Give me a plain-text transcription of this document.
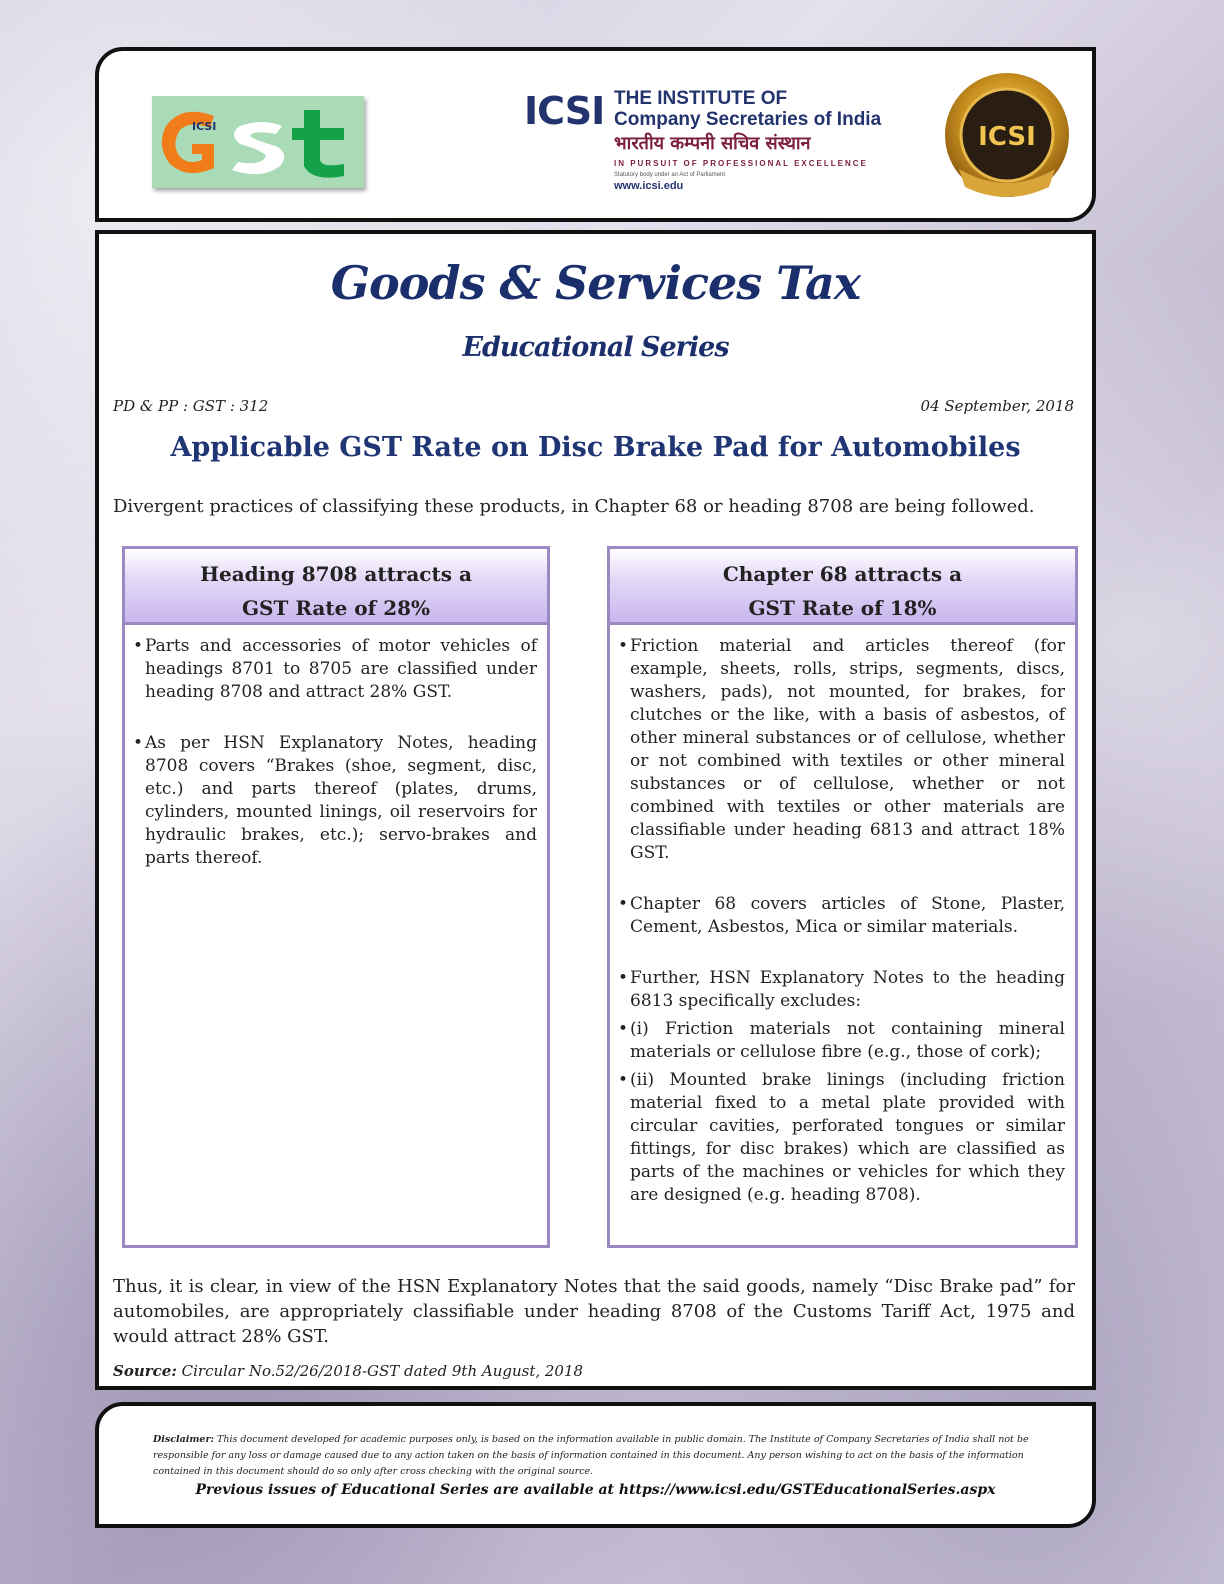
ICSI
GSt
ICSI THE INSTITUTE OF
Company Secretaries of India
भारतीय कम्पनी सचिव संस्थान
IN PURSUIT OF PROFESSIONAL EXCELLENCE
Statutory body under an Act of Parliament
www.icsi.edu
ICSI
Goods & Services Tax
Educational Series
PD & PP : GST : 312	04 September, 2018
Applicable GST Rate on Disc Brake Pad for Automobiles
Divergent practices of classifying these products, in Chapter 68 or heading 8708 are being followed.
Heading 8708 attracts a
GST Rate of 28%
• Parts and accessories of motor vehicles of headings 8701 to 8705 are classified under heading 8708 and attract 28% GST.
• As per HSN Explanatory Notes, heading 8708 covers “Brakes (shoe, segment, disc, etc.) and parts thereof (plates, drums, cylinders, mounted linings, oil reservoirs for hydraulic brakes, etc.); servo-brakes and parts thereof.
Chapter 68 attracts a
GST Rate of 18%
• Friction material and articles thereof (for example, sheets, rolls, strips, segments, discs, washers, pads), not mounted, for brakes, for clutches or the like, with a basis of asbestos, of other mineral substances or of cellulose, whether or not combined with textiles or other mineral substances or of cellulose, whether or not combined with textiles or other materials are classifiable under heading 6813 and attract 18% GST.
• Chapter 68 covers articles of Stone, Plaster, Cement, Asbestos, Mica or similar materials.
• Further, HSN Explanatory Notes to the heading 6813 specifically excludes:
• (i) Friction materials not containing mineral materials or cellulose fibre (e.g., those of cork);
• (ii) Mounted brake linings (including friction material fixed to a metal plate provided with circular cavities, perforated tongues or similar fittings, for disc brakes) which are classified as parts of the machines or vehicles for which they are designed (e.g. heading 8708).
Thus, it is clear, in view of the HSN Explanatory Notes that the said goods, namely “Disc Brake pad” for automobiles, are appropriately classifiable under heading 8708 of the Customs Tariff Act, 1975 and would attract 28% GST.
Source: Circular No.52/26/2018-GST dated 9th August, 2018
Disclaimer: This document developed for academic purposes only, is based on the information available in public domain. The Institute of Company Secretaries of India shall not be responsible for any loss or damage caused due to any action taken on the basis of information contained in this document. Any person wishing to act on the basis of the information contained in this document should do so only after cross checking with the original source.
Previous issues of Educational Series are available at https://www.icsi.edu/GSTEducationalSeries.aspx
